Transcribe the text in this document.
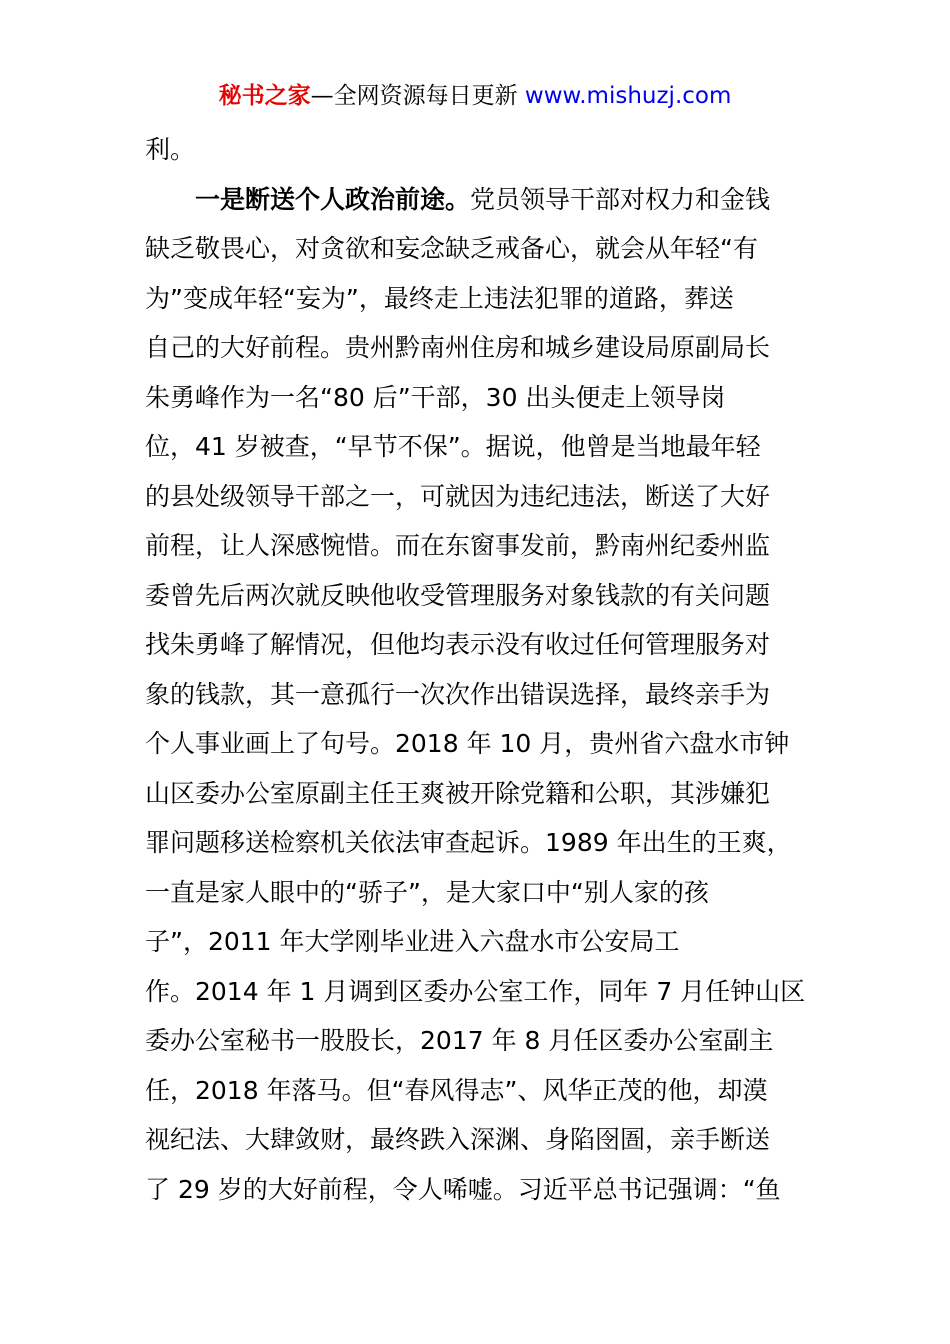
秘书之家—全网资源每日更新 www.mishuzj.com
利。
一是断送个人政治前途。党员领导干部对权力和金钱
缺乏敬畏心，对贪欲和妄念缺乏戒备心，就会从年轻“有
为”变成年轻“妄为”，最终走上违法犯罪的道路，葬送
自己的大好前程。贵州黔南州住房和城乡建设局原副局长
朱勇峰作为一名“80 后”干部，30 出头便走上领导岗
位，41 岁被查，“早节不保”。据说，他曾是当地最年轻
的县处级领导干部之一，可就因为违纪违法，断送了大好
前程，让人深感惋惜。而在东窗事发前，黔南州纪委州监
委曾先后两次就反映他收受管理服务对象钱款的有关问题
找朱勇峰了解情况，但他均表示没有收过任何管理服务对
象的钱款，其一意孤行一次次作出错误选择，最终亲手为
个人事业画上了句号。2018 年 10 月，贵州省六盘水市钟
山区委办公室原副主任王爽被开除党籍和公职，其涉嫌犯
罪问题移送检察机关依法审查起诉。1989 年出生的王爽，
一直是家人眼中的“骄子”，是大家口中“别人家的孩
子”，2011 年大学刚毕业进入六盘水市公安局工
作。2014 年 1 月调到区委办公室工作，同年 7 月任钟山区
委办公室秘书一股股长，2017 年 8 月任区委办公室副主
任，2018 年落马。但“春风得志”、风华正茂的他，却漠
视纪法、大肆敛财，最终跌入深渊、身陷囹圄，亲手断送
了 29 岁的大好前程，令人唏嘘。习近平总书记强调：“鱼
